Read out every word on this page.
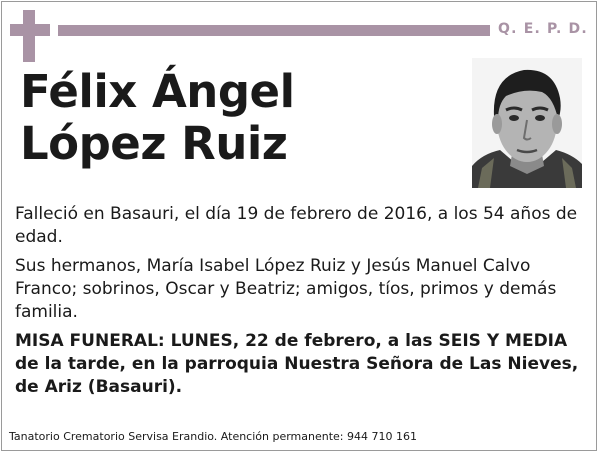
Q. E. P. D.
Félix Ángel
López Ruiz

Falleció en Basauri, el día 19 de febrero de 2016, a los 54 años de edad.

Sus hermanos, María Isabel López Ruiz y Jesús Manuel Calvo Franco; sobrinos, Oscar y Beatriz; amigos, tíos, primos y demás familia.

MISA FUNERAL: LUNES, 22 de febrero, a las SEIS Y MEDIA de la tarde, en la parroquia Nuestra Señora de Las Nieves, de Ariz (Basauri).

Tanatorio Crematorio Servisa Erandio. Atención permanente: 944 710 161
